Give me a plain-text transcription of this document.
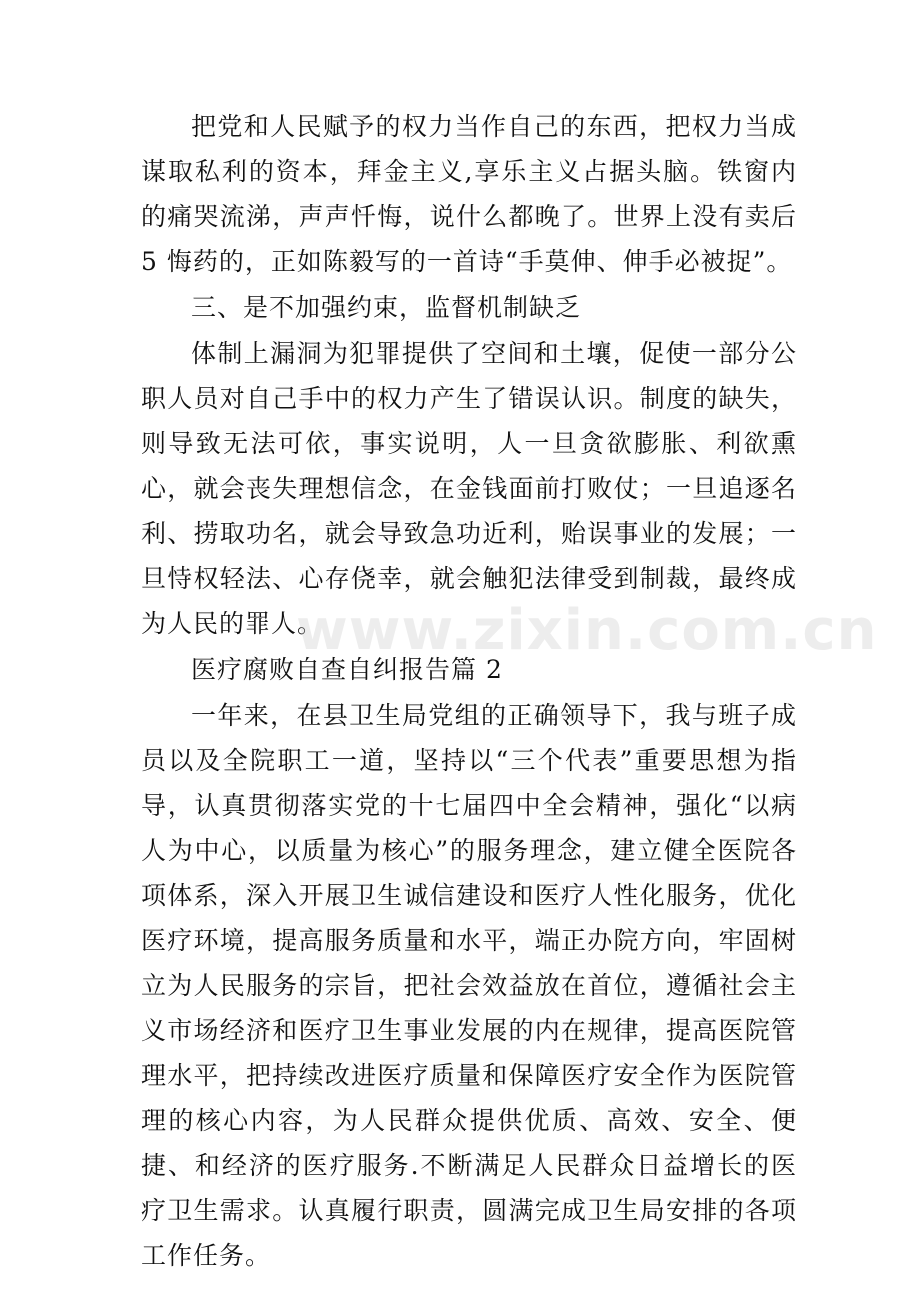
把党和人民赋予的权力当作自己的东西，把权力当成谋取私利的资本，拜金主义,享乐主义占据头脑。铁窗内的痛哭流涕，声声忏悔，说什么都晚了。世界上没有卖后 5 悔药的，正如陈毅写的一首诗“手莫伸、伸手必被捉”。

三、是不加强约束，监督机制缺乏

体制上漏洞为犯罪提供了空间和土壤，促使一部分公职人员对自己手中的权力产生了错误认识。制度的缺失，则导致无法可依，事实说明，人一旦贪欲膨胀、利欲熏心，就会丧失理想信念，在金钱面前打败仗；一旦追逐名利、捞取功名，就会导致急功近利，贻误事业的发展；一旦恃权轻法、心存侥幸，就会触犯法律受到制裁，最终成为人民的罪人。

医疗腐败自查自纠报告篇 2

一年来，在县卫生局党组的正确领导下，我与班子成员以及全院职工一道，坚持以“三个代表”重要思想为指导，认真贯彻落实党的十七届四中全会精神，强化“以病人为中心，以质量为核心”的服务理念，建立健全医院各项体系，深入开展卫生诚信建设和医疗人性化服务，优化医疗环境，提高服务质量和水平，端正办院方向，牢固树立为人民服务的宗旨，把社会效益放在首位，遵循社会主义市场经济和医疗卫生事业发展的内在规律，提高医院管理水平，把持续改进医疗质量和保障医疗安全作为医院管理的核心内容，为人民群众提供优质、高效、安全、便捷、和经济的医疗服务.不断满足人民群众日益增长的医疗卫生需求。认真履行职责，圆满完成卫生局安排的各项工作任务。

www.zixin.com.cn
